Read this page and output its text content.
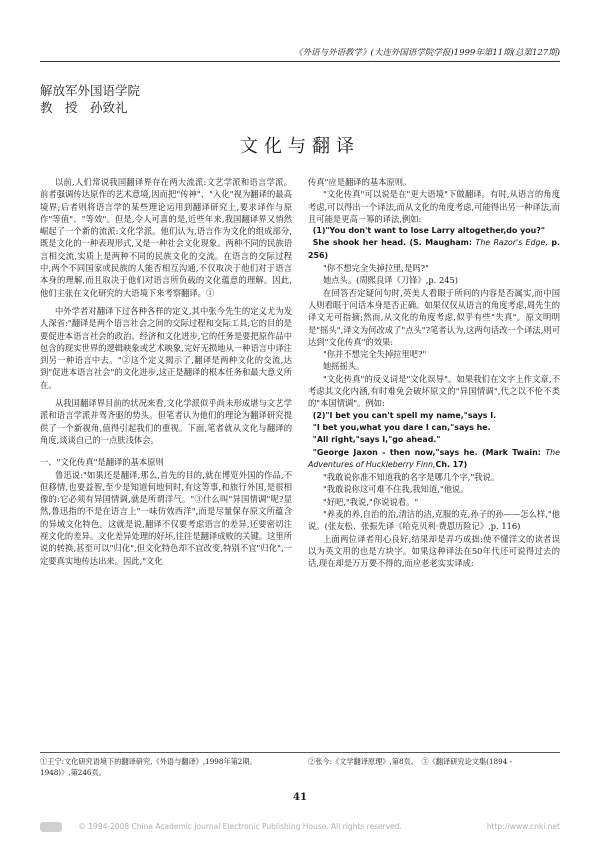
《外语与外语教学》(大连外国语学院学报)1999年第11期(总第127期)
解放军外国语学院
教　授　孙致礼
文化与翻译

以前,人们常说我国翻译界存在两大流派:文艺学派和语言学派。前者强调传达原作的艺术意境,因而把"传神"、"入化"视为翻译的最高境界;后者则将语言学的某些理论运用到翻译研究上,要求译作与原作"等值"、"等效"。但是,令人可喜的是,近些年来,我国翻译界又悄然崛起了一个新的流派:文化学派。他们认为,语言作为文化的组成部分,既是文化的一种表现形式,又是一种社会文化现象。两种不同的民族语言相交流,实质上是两种不同的民族文化的交流。在语言的交际过程中,两个不同国家或民族的人能否相互沟通,不仅取决于他们对于语言本身的理解,而且取决于他们对语言所负载的文化蕴意的理解。因此,他们主张在文化研究的大语境下来考察翻译。①

中外学者对翻译下过各种各样的定义,其中张今先生的定义尤为发人深省:"翻译是两个语言社会之间的交际过程和交际工具,它的目的是要促进本语言社会的政治、经济和文化进步,它的任务是要把原作品中包含的现实世界的逻辑映象或艺术映象,完好无损地从一种语言中译注到另一种语言中去。"②这个定义揭示了,翻译是两种文化的交流,达到"促进本语言社会"的文化进步,这正是翻译的根本任务和最大意义所在。

从我国翻译界目前的状况来看,文化学派似乎尚未形成堪与文艺学派和语言学派并驾齐驱的势头。但笔者认为他们的理论为翻译研究提供了一个新视角,值得引起我们的重视。下面,笔者就从文化与翻译的角度,谈谈自己的一点肤浅体会。

一、"文化传真"是翻译的基本原则

鲁迅说:"如果还是翻译,那么,首先的目的,就在博览外国的作品,不但移情,也要益智,至少是知道何地何时,有这等事,和旅行外国,是很相像的:它必须有异国情调,就是所谓洋气。"③什么叫"异国情调"呢?显然,鲁迅指的不是在语言上"一味仿效西洋",而是尽量保存原文所蕴含的异域文化特色。这就是说,翻译不仅要考虑语言的差异,还要密切注视文化的差异。文化差异处理的好坏,往往是翻译成败的关键。这里所说的转换,甚至可以"归化",但文化特色却不宜改变,特别不宜"归化",一定要真实地传达出来。因此,"文化

传真"应是翻译的基本原则。

"文化传真"可以说是在"更大语境"下做翻译。有时,从语言的角度考虑,可以得出一个译法,而从文化的角度考虑,可能得出另一种译法,而且可能是更高一筹的译法,例如:

(1)"You don't want to lose Larry altogether,do you?"

She shook her head. (S. Maugham: The Razor's Edge, p. 256)

"你不想完全失掉拉里,是吗?"

她点头。(周熙良译《刀锋》,p. 245)

在回答否定疑问句时,英美人看眼于所问的内容是否属实,而中国人则看眼于问话本身是否正确。如果仅仅从语言的角度考虑,周先生的译文无可指摘;然而,从文化的角度考虑,似乎有些"失真"。原文明明是"摇头",译文为何改成了"点头"?笔者认为,这两句话改一个译法,则可达到"文化传真"的效果:

"你并不想完全失掉拉里吧?"

她摇摇头。

"文化传真"的反义词是"文化误导"。如果我们在文字上作文章,不考虑其文化内涵,有时难免会破坏原文的"异国情调",代之以不伦不类的"本国情调"。例如:

(2)"I bet you can't spell my name,"says I.

"I bet you,what you dare I can,"says he.

"All right,"says I,"go ahead."

"George Jaxon - then now,"says he. (Mark Twain: The Adventures of Huckleberry Finn,Ch. 17)

"我敢说你准不知道我的名字是哪几个字,"我说。

"我敢说你这可难不住我,我知道,"他说。

"好吧,"我说,"你说说看。"

"养麦的养,自治的治,清洁的洁,克服的克,孙子的孙——怎么样,"他说。(张友松、张振先译《哈克贝利·费恩历险记》,p. 116)

上面两位译者用心良好,结果却是弄巧成拙:使不懂洋文的读者误以为英文用的也是方块字。如果这种译法在50年代还可说得过去的话,现在却是万万要不得的,而应老老实实译成:

①王宁:文化研究语境下的翻译研究,《外语与翻译》,1998年第2期。
1948)》,第246页。
②张今:《文学翻译原理》,第8页。　③《翻译研究论文集(1894 -
41
© 1994-2008 China Academic Journal Electronic Publishing House. All rights reserved.	http://www.cnki.net
